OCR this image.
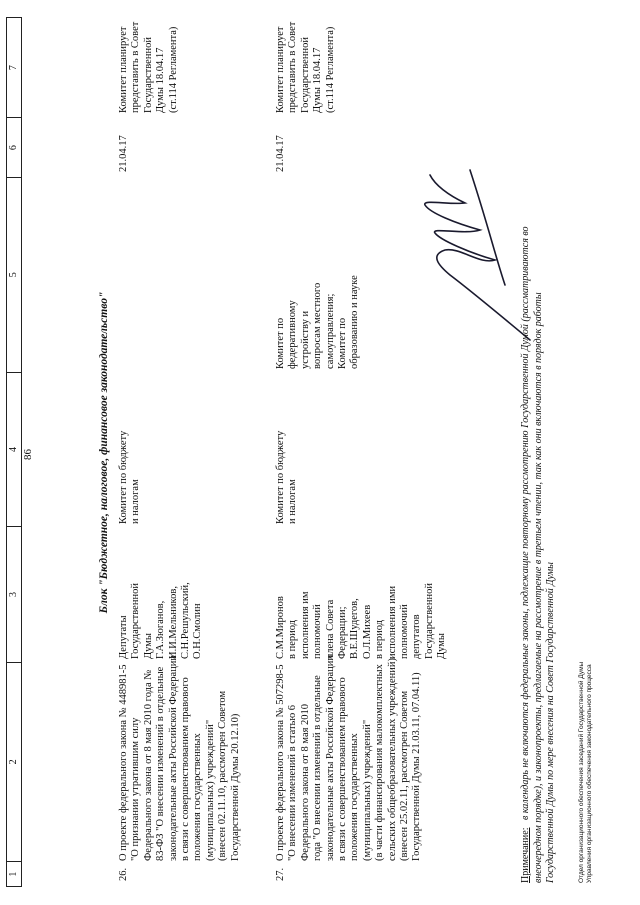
86
1
2
3
4
5
6
7
Блок "Бюджетное, налоговое, финансовое законодательство"
26.
О проекте федерального закона № 448981-5
"О признании утратившим силу
Федерального закона от 8 мая 2010 года №
83-ФЗ "О внесении изменений в отдельные
законодательные акты Российской Федерации
в связи с совершенствованием правового
положения государственных
(муниципальных) учреждений"
(внесен 02.11.10, рассмотрен Советом
Государственной Думы 20.12.10)
Депутаты
Государственной
Думы
Г.А.Зюганов,
И.И.Мельников,
С.Н.Решульский,
О.Н.Смолин
Комитет по бюджету
и налогам
21.04.17
Комитет планирует
представить в Совет
Государственной
Думы 18.04.17
(ст.114 Регламента)
27.
О проекте федерального закона № 507298-5
"О внесении изменений в статью 6
Федерального закона от 8 мая 2010
года "О внесении изменений в отдельные
законодательные акты Российской Федерации
в связи с совершенствованием правового
положения государственных
(муниципальных) учреждений"
(в части финансирования малокомплектных
сельских общеобразовательных учреждений)
(внесен 25.02.11, рассмотрен Советом
Государственной Думы 21.03.11, 07.04.11)
С.М.Миронов
в период
исполнения им
полномочий
члена Совета
Федерации;
В.Е.Шудегов,
О.Л.Михеев
в период
исполнения ими
полномочий
депутатов
Государственной
Думы
Комитет по бюджету
и налогам
Комитет по
федеративному
устройству и
вопросам местного
самоуправления;
Комитет по
образованию и науке
21.04.17
Комитет планирует
представить в Совет
Государственной
Думы 18.04.17
(ст.114 Регламента)
Примечание:   в календарь не включаются федеральные законы, подлежащие повторному рассмотрению Государственной Думой (рассматриваются во
внеочередном порядке), и законопроекты, предлагаемые на рассмотрение в третьем чтении, так как они включаются в порядок работы
Государственной Думы по мере внесения на Совет Государственной Думы
Отдел организационного обеспечения заседаний Государственной Думы
Управления организационного обеспечения законодательного процесса
